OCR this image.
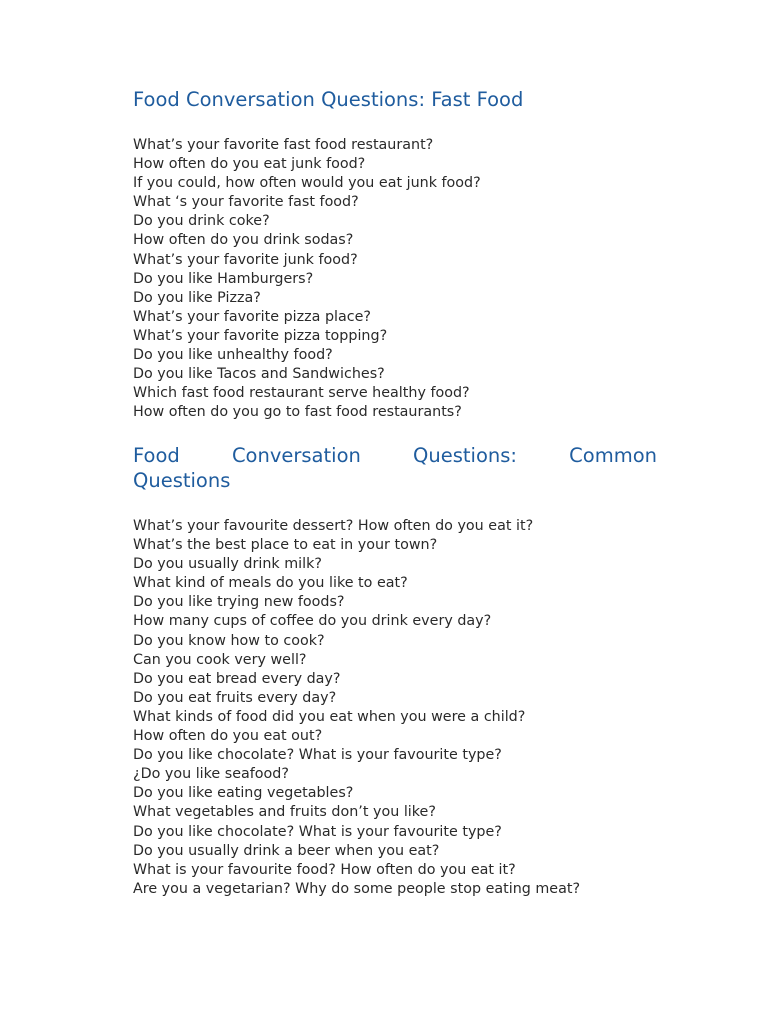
Food Conversation Questions: Fast Food
What’s your favorite fast food restaurant?
How often do you eat junk food?
If you could, how often would you eat junk food?
What ‘s your favorite fast food?
Do you drink coke?
How often do you drink sodas?
What’s your favorite junk food?
Do you like Hamburgers?
Do you like Pizza?
What’s your favorite pizza place?
What’s your favorite pizza topping?
Do you like unhealthy food?
Do you like Tacos and Sandwiches?
Which fast food restaurant serve healthy food?
How often do you go to fast food restaurants?
Food	Conversation	Questions:	Common
Questions
What’s your favourite dessert? How often do you eat it?
What’s the best place to eat in your town?
Do you usually drink milk?
What kind of meals do you like to eat?
Do you like trying new foods?
How many cups of coffee do you drink every day?
Do you know how to cook?
Can you cook very well?
Do you eat bread every day?
Do you eat fruits every day?
What kinds of food did you eat when you were a child?
How often do you eat out?
Do you like chocolate? What is your favourite type?
¿Do you like seafood?
Do you like eating vegetables?
What vegetables and fruits don’t you like?
Do you like chocolate? What is your favourite type?
Do you usually drink a beer when you eat?
What is your favourite food? How often do you eat it?
Are you a vegetarian? Why do some people stop eating meat?
